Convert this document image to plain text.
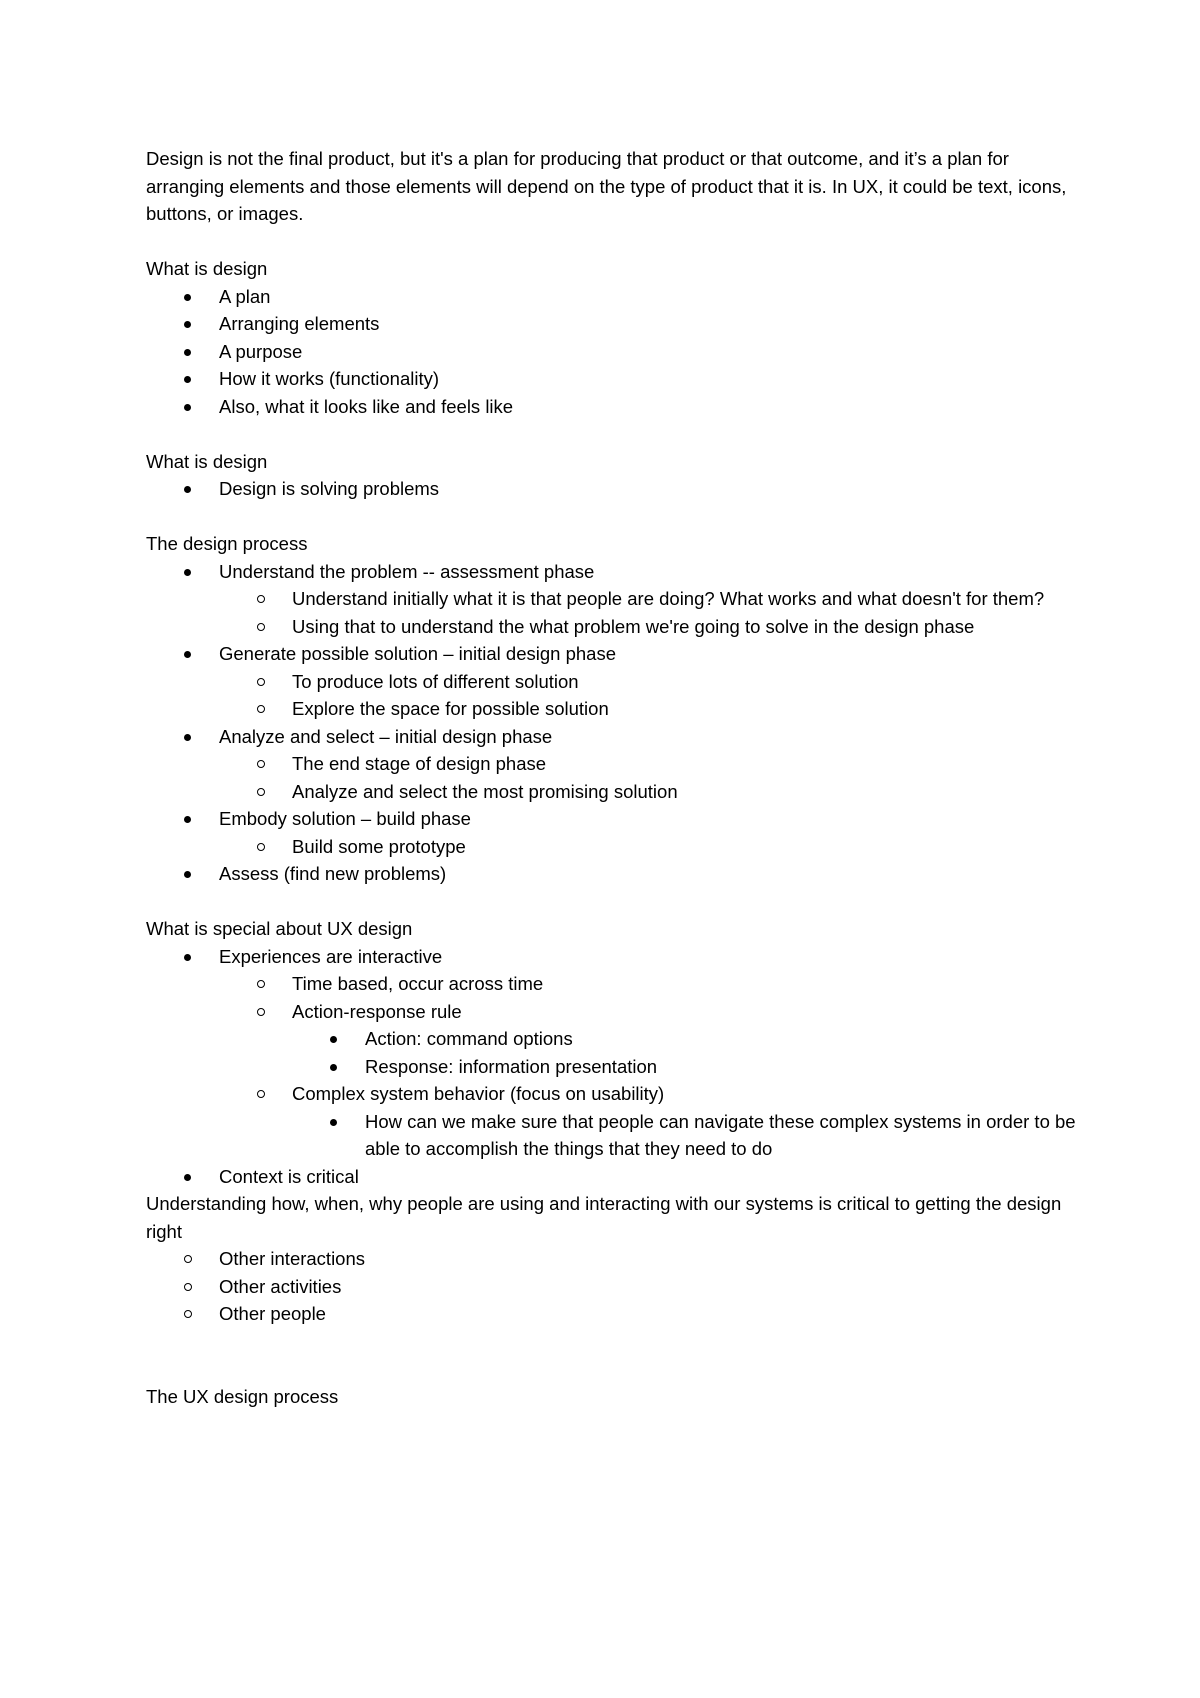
Design is not the final product, but it's a plan for producing that product or that outcome, and it’s a plan for arranging elements and those elements will depend on the type of product that it is. In UX, it could be text, icons, buttons, or images.

What is design

A plan

Arranging elements

A purpose

How it works (functionality)

Also, what it looks like and feels like

What is design

Design is solving problems

The design process

Understand the problem -- assessment phase

Understand initially what it is that people are doing? What works and what doesn't for them?

Using that to understand the what problem we're going to solve in the design phase

Generate possible solution – initial design phase

To produce lots of different solution

Explore the space for possible solution

Analyze and select – initial design phase

The end stage of design phase

Analyze and select the most promising solution

Embody solution – build phase

Build some prototype

Assess (find new problems)

What is special about UX design

Experiences are interactive

Time based, occur across time

Action-response rule

Action: command options

Response: information presentation

Complex system behavior (focus on usability)

How can we make sure that people can navigate these complex systems in order to be able to accomplish the things that they need to do

Context is critical

Understanding how, when, why people are using and interacting with our systems is critical to getting the design right

Other interactions

Other activities

Other people

The UX design process
